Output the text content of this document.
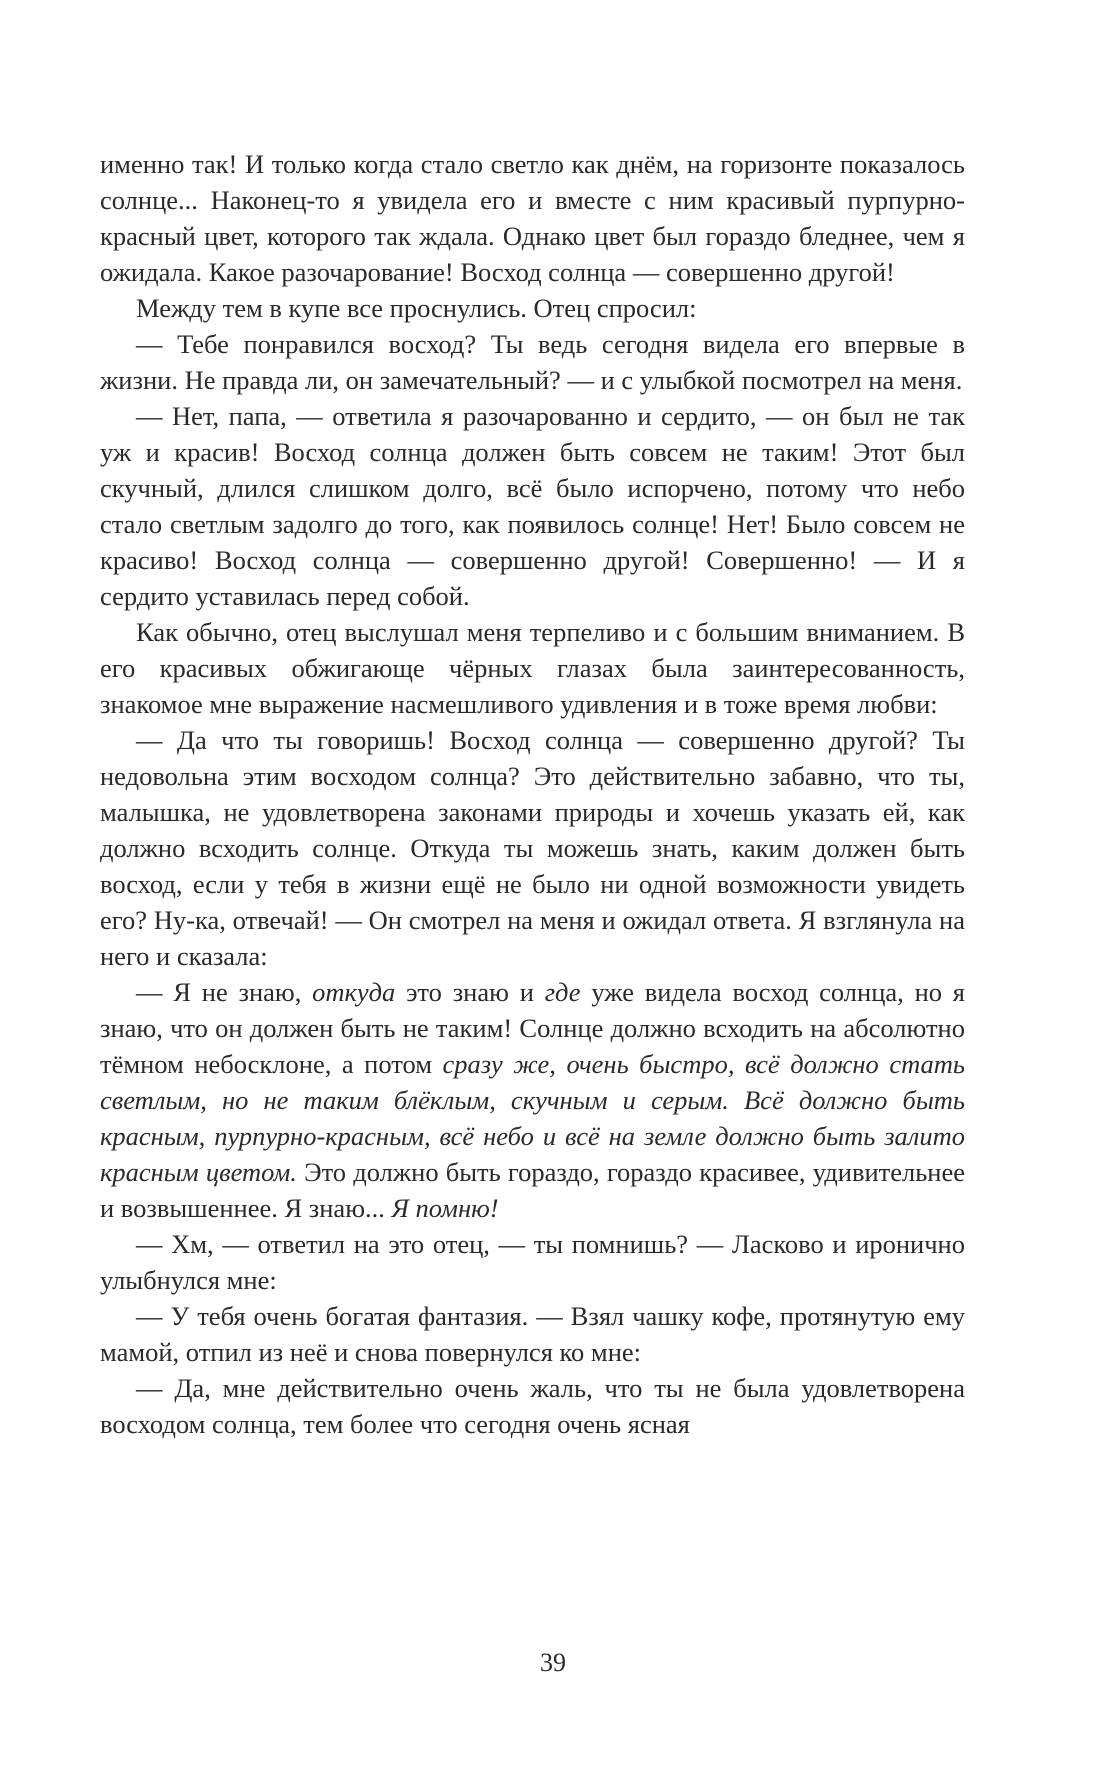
именно так! И только когда стало светло как днём, на горизонте показалось солнце... Наконец-то я увидела его и вместе с ним красивый пурпурно-красный цвет, которого так ждала. Однако цвет был гораздо бледнее, чем я ожидала. Какое разочарование! Восход солнца — совершенно другой!

Между тем в купе все проснулись. Отец спросил:

— Тебе понравился восход? Ты ведь сегодня видела его впервые в жизни. Не правда ли, он замечательный? — и с улыбкой посмотрел на меня.

— Нет, папа, — ответила я разочарованно и сердито, — он был не так уж и красив! Восход солнца должен быть совсем не таким! Этот был скучный, длился слишком долго, всё было испорчено, потому что небо стало светлым задолго до того, как появилось солнце! Нет! Было совсем не красиво! Восход солнца — совершенно другой! Совершенно! — И я сердито уставилась перед собой.

Как обычно, отец выслушал меня терпеливо и с большим вниманием. В его красивых обжигающе чёрных глазах была заинтересованность, знакомое мне выражение насмешливого удивления и в тоже время любви:

— Да что ты говоришь! Восход солнца — совершенно другой? Ты недовольна этим восходом солнца? Это действительно забавно, что ты, малышка, не удовлетворена законами природы и хочешь указать ей, как должно всходить солнце. Откуда ты можешь знать, каким должен быть восход, если у тебя в жизни ещё не было ни одной возможности увидеть его? Ну-ка, отвечай! — Он смотрел на меня и ожидал ответа. Я взглянула на него и сказала:

— Я не знаю, откуда это знаю и где уже видела восход солнца, но я знаю, что он должен быть не таким! Солнце должно всходить на абсолютно тёмном небосклоне, а потом сразу же, очень быстро, всё должно стать светлым, но не таким блёклым, скучным и серым. Всё должно быть красным, пурпурно-красным, всё небо и всё на земле должно быть залито красным цветом. Это должно быть гораздо, гораздо красивее, удивительнее и возвышеннее. Я знаю... Я помню!

— Хм, — ответил на это отец, — ты помнишь? — Ласково и иронично улыбнулся мне:

— У тебя очень богатая фантазия. — Взял чашку кофе, протянутую ему мамой, отпил из неё и снова повернулся ко мне:

— Да, мне действительно очень жаль, что ты не была удовлетворена восходом солнца, тем более что сегодня очень ясная

39
